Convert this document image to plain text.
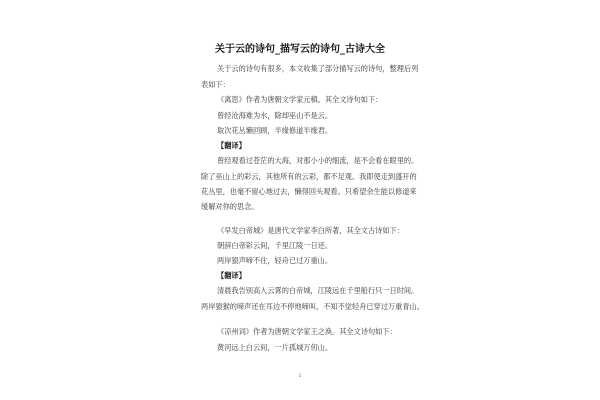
关于云的诗句_描写云的诗句_古诗大全
关于云的诗句有很多，本文收集了部分描写云的诗句，整理后列
表如下：
《离思》作者为唐朝文学家元稹。其全文诗句如下：
曾经沧海难为水，除却巫山不是云。
取次花丛懒回顾，半缘修道半缘君。
【翻译】
曾经观看过苍茫的大海，对那小小的细流，是不会看在眼里的。
除了巫山上的彩云，其他所有的云彩，都不足观。我即使走到盛开的
花丛里，也毫不留心地过去，懒得回头观看。只希望余生能以修道来
缓解对你的思念。
《早发白帝城》是唐代文学家李白所著，其全文古诗如下：
朝辞白帝彩云间，千里江陵一日还。
两岸猿声啼不住，轻舟已过万重山。
【翻译】
清晨我告别高入云霄的白帝城，江陵远在千里船行只一日时间。
两岸猿猴的啼声还在耳边不停地啼叫，不知不觉轻舟已穿过万重青山。
《凉州词》作者为唐朝文学家王之涣。其全文诗句如下：
黄河远上白云间，一片孤城万仞山。
1
